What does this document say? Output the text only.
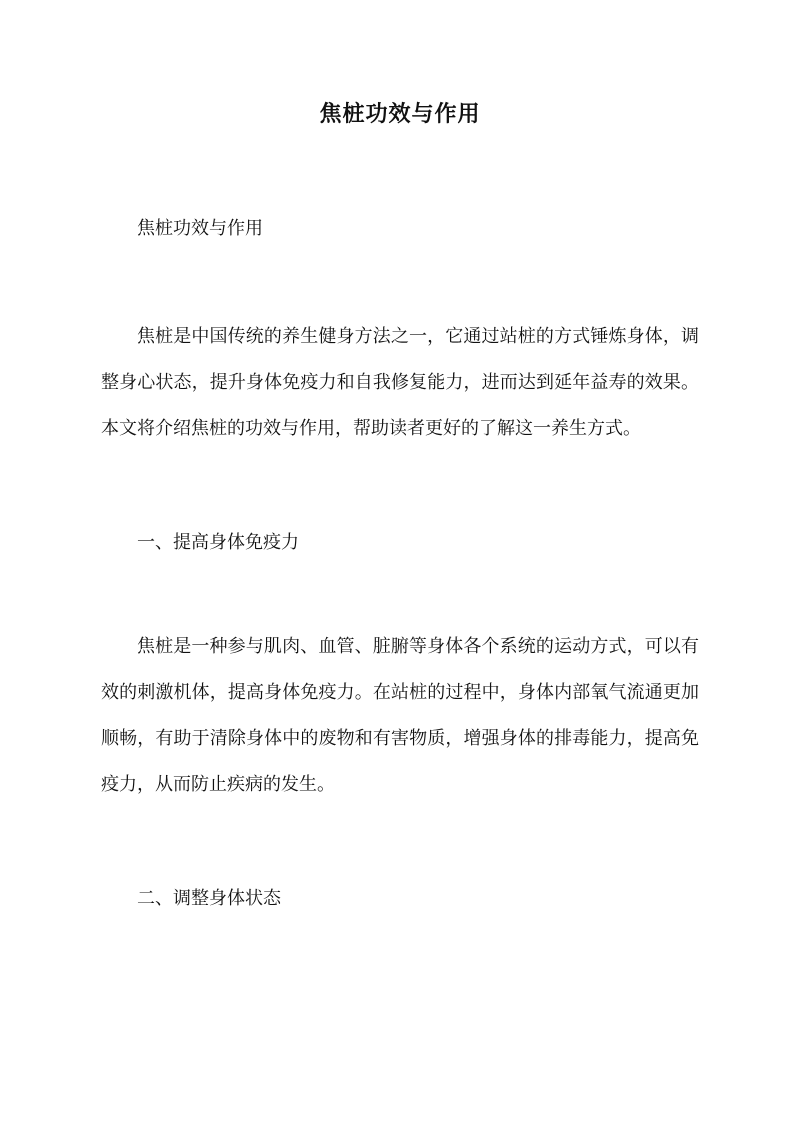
焦桩功效与作用

焦桩功效与作用

焦桩是中国传统的养生健身方法之一，它通过站桩的方式锤炼身体，调整身心状态，提升身体免疫力和自我修复能力，进而达到延年益寿的效果。本文将介绍焦桩的功效与作用，帮助读者更好的了解这一养生方式。

一、提高身体免疫力

焦桩是一种参与肌肉、血管、脏腑等身体各个系统的运动方式，可以有效的刺激机体，提高身体免疫力。在站桩的过程中，身体内部氧气流通更加顺畅，有助于清除身体中的废物和有害物质，增强身体的排毒能力，提高免疫力，从而防止疾病的发生。

二、调整身体状态
